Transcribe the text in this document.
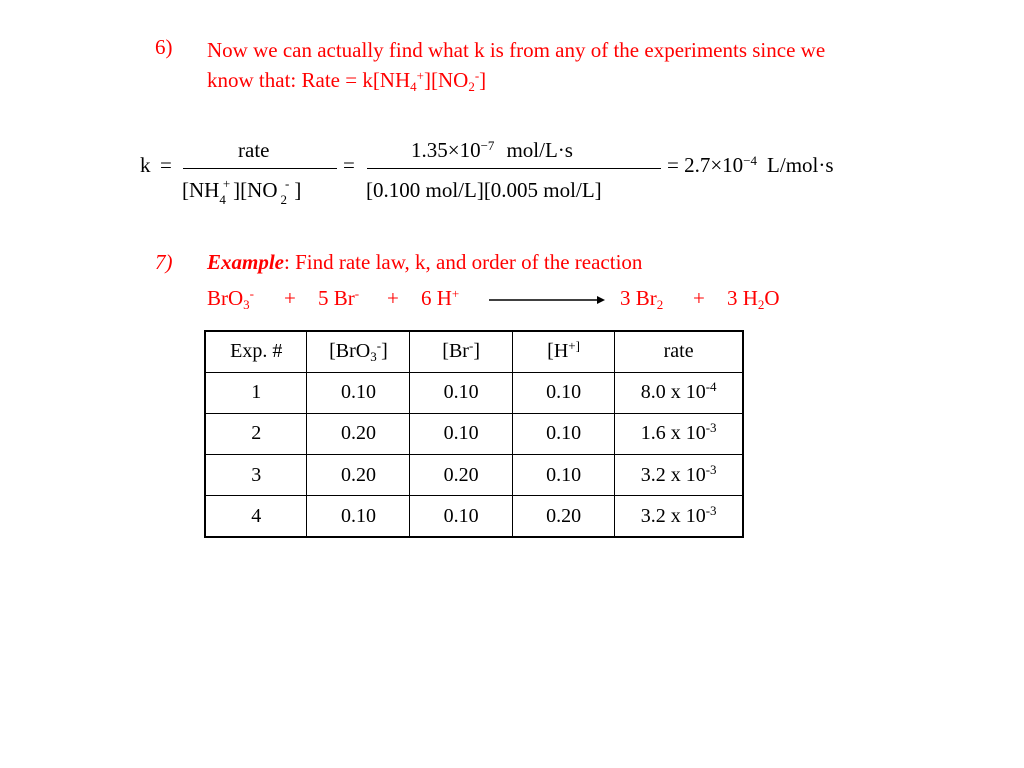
6) Now we can actually find what k is from any of the experiments since we
know that: Rate = $k[NH_4^+][NO_2^-]$
k =
rate
[$NH_4^+$ ][NO $_2$- ]
=
$1.35\times 10^{-7}$ mol/L·s
[0.100 mol/L][0.005 mol/L]
= $2.7\times 10^{-4}$ L/mol·s
7) Example: Find rate law, k, and order of the reaction
BrO$_3$- + 5 Br- + 6 H+	3 $Br_2 + 3$ $H_2O$
Exp. #	[BrO$_3$-]	[Br-]	[H+]	rate
1	0.10	0.10	0.10	8.0 x $10^{-4}$
2	0.20	0.10	0.10	1.6 x $10^{-3}$
3	0.20	0.20	0.10	3.2 x $10^{-3}$
4	0.10	0.10	0.20	3.2 x $10^{-3}$
